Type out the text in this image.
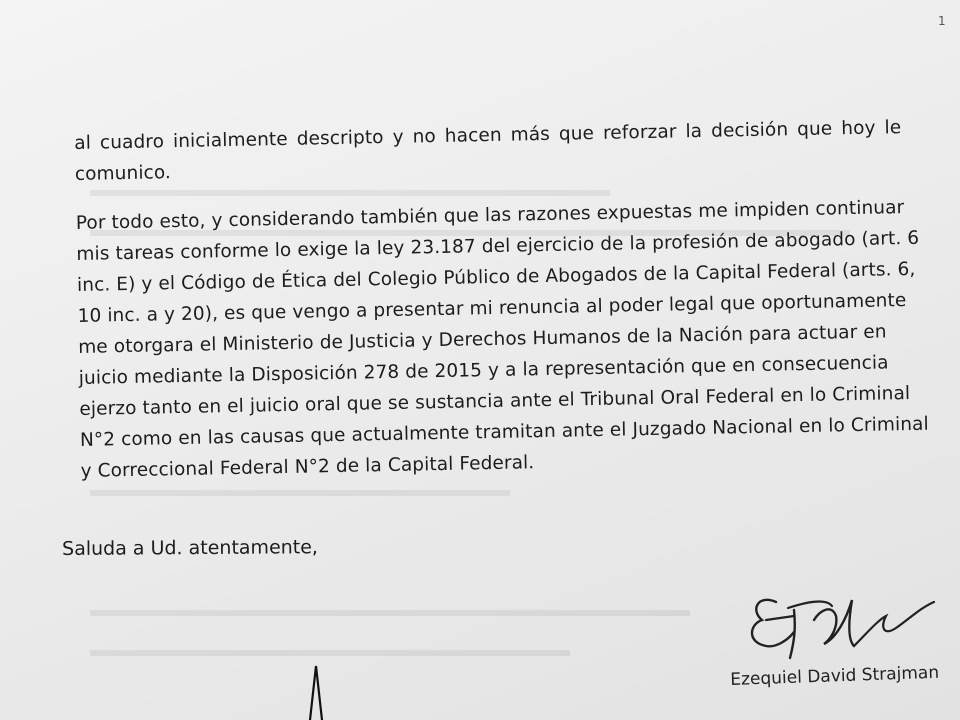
1
al cuadro inicialmente descripto y no hacen más que reforzar la decisión que hoy le
comunico.
Por todo esto, y considerando también que las razones expuestas me impiden continuar
mis tareas conforme lo exige la ley 23.187 del ejercicio de la profesión de abogado (art. 6
inc. E) y el Código de Ética del Colegio Público de Abogados de la Capital Federal (arts. 6,
10 inc. a y 20), es que vengo a presentar mi renuncia al poder legal que oportunamente
me otorgara el Ministerio de Justicia y Derechos Humanos de la Nación para actuar en
juicio mediante la Disposición 278 de 2015 y a la representación que en consecuencia
ejerzo tanto en el juicio oral que se sustancia ante el Tribunal Oral Federal en lo Criminal
N°2 como en las causas que actualmente tramitan ante el Juzgado Nacional en lo Criminal
y Correccional Federal N°2 de la Capital Federal.
Saluda a Ud. atentamente,
Ezequiel David Strajman
